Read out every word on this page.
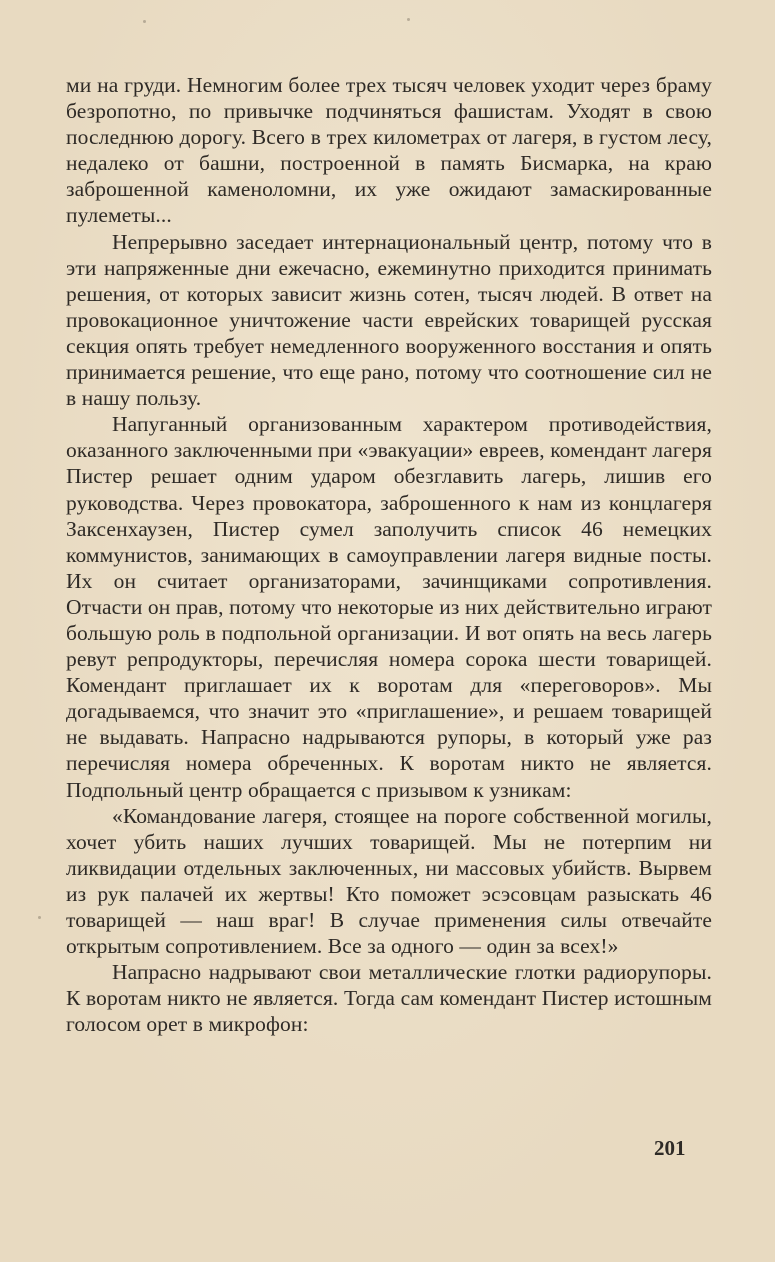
ми на груди. Немногим более трех тысяч человек уходит через браму безропотно, по привычке подчиняться фашистам. Уходят в свою последнюю дорогу. Всего в трех километрах от лагеря, в густом лесу, недалеко от башни, построенной в память Бисмарка, на краю заброшенной каменоломни, их уже ожидают замаскированные пулеметы...

Непрерывно заседает интернациональный центр, потому что в эти напряженные дни ежечасно, ежеминутно приходится принимать решения, от которых зависит жизнь сотен, тысяч людей. В ответ на провокационное уничтожение части еврейских товарищей русская секция опять требует немедленного вооруженного восстания и опять принимается решение, что еще рано, потому что соотношение сил не в нашу пользу.

Напуганный организованным характером противодействия, оказанного заключенными при «эвакуации» евреев, комендант лагеря Пистер решает одним ударом обезглавить лагерь, лишив его руководства. Через провокатора, заброшенного к нам из концлагеря Заксенхаузен, Пистер сумел заполучить список 46 немецких коммунистов, занимающих в самоуправлении лагеря видные посты. Их он считает организаторами, зачинщиками сопротивления. Отчасти он прав, потому что некоторые из них действительно играют большую роль в подпольной организации. И вот опять на весь лагерь ревут репродукторы, перечисляя номера сорока шести товарищей. Комендант приглашает их к воротам для «переговоров». Мы догадываемся, что значит это «приглашение», и решаем товарищей не выдавать. Напрасно надрываются рупоры, в который уже раз перечисляя номера обреченных. К воротам никто не является. Подпольный центр обращается с призывом к узникам:

«Командование лагеря, стоящее на пороге собственной могилы, хочет убить наших лучших товарищей. Мы не потерпим ни ликвидации отдельных заключенных, ни массовых убийств. Вырвем из рук палачей их жертвы! Кто поможет эсэсовцам разыскать 46 товарищей — наш враг! В случае применения силы отвечайте открытым сопротивлением. Все за одного — один за всех!»

Напрасно надрывают свои металлические глотки радиорупоры. К воротам никто не является. Тогда сам комендант Пистер истошным голосом орет в микрофон:

201
